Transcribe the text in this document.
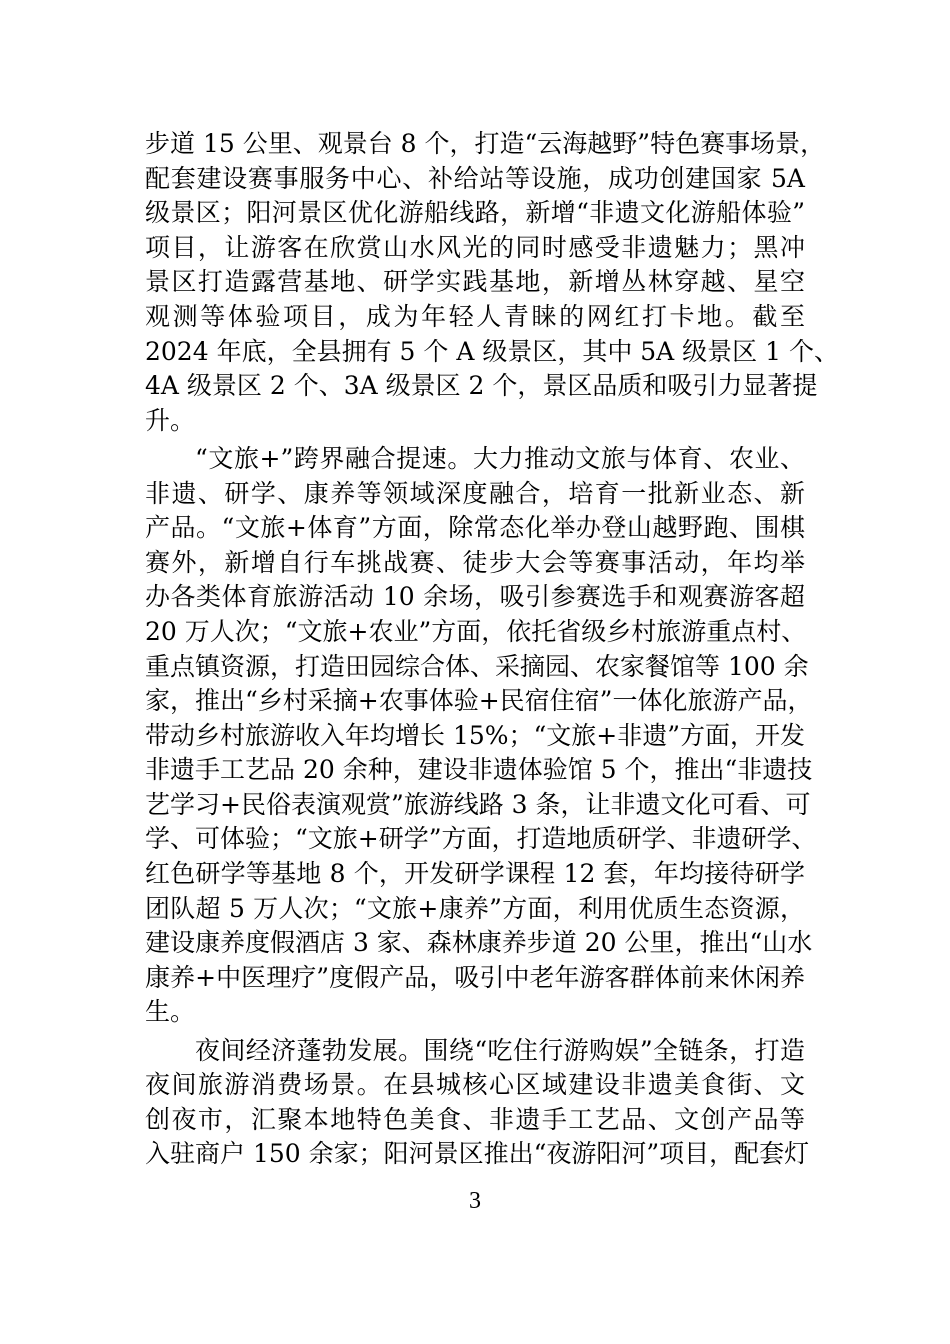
步道 15 公里、观景台 8 个，打造“云海越野”特色赛事场景，
配套建设赛事服务中心、补给站等设施，成功创建国家 5A
级景区；阳河景区优化游船线路，新增“非遗文化游船体验”
项目，让游客在欣赏山水风光的同时感受非遗魅力；黑冲
景区打造露营基地、研学实践基地，新增丛林穿越、星空
观测等体验项目，成为年轻人青睐的网红打卡地。截至
2024 年底，全县拥有 5 个 A 级景区，其中 5A 级景区 1 个、
4A 级景区 2 个、3A 级景区 2 个，景区品质和吸引力显著提
升。
“文旅+”跨界融合提速。大力推动文旅与体育、农业、
非遗、研学、康养等领域深度融合，培育一批新业态、新
产品。“文旅+体育”方面，除常态化举办登山越野跑、围棋
赛外，新增自行车挑战赛、徒步大会等赛事活动，年均举
办各类体育旅游活动 10 余场，吸引参赛选手和观赛游客超
20 万人次；“文旅+农业”方面，依托省级乡村旅游重点村、
重点镇资源，打造田园综合体、采摘园、农家餐馆等 100 余
家，推出“乡村采摘+农事体验+民宿住宿”一体化旅游产品，
带动乡村旅游收入年均增长 15%；“文旅+非遗”方面，开发
非遗手工艺品 20 余种，建设非遗体验馆 5 个，推出“非遗技
艺学习+民俗表演观赏”旅游线路 3 条，让非遗文化可看、可
学、可体验；“文旅+研学”方面，打造地质研学、非遗研学、
红色研学等基地 8 个，开发研学课程 12 套，年均接待研学
团队超 5 万人次；“文旅+康养”方面，利用优质生态资源，
建设康养度假酒店 3 家、森林康养步道 20 公里，推出“山水
康养+中医理疗”度假产品，吸引中老年游客群体前来休闲养
生。
夜间经济蓬勃发展。围绕“吃住行游购娱”全链条，打造
夜间旅游消费场景。在县城核心区域建设非遗美食街、文
创夜市，汇聚本地特色美食、非遗手工艺品、文创产品等
入驻商户 150 余家；阳河景区推出“夜游阳河”项目，配套灯
3
